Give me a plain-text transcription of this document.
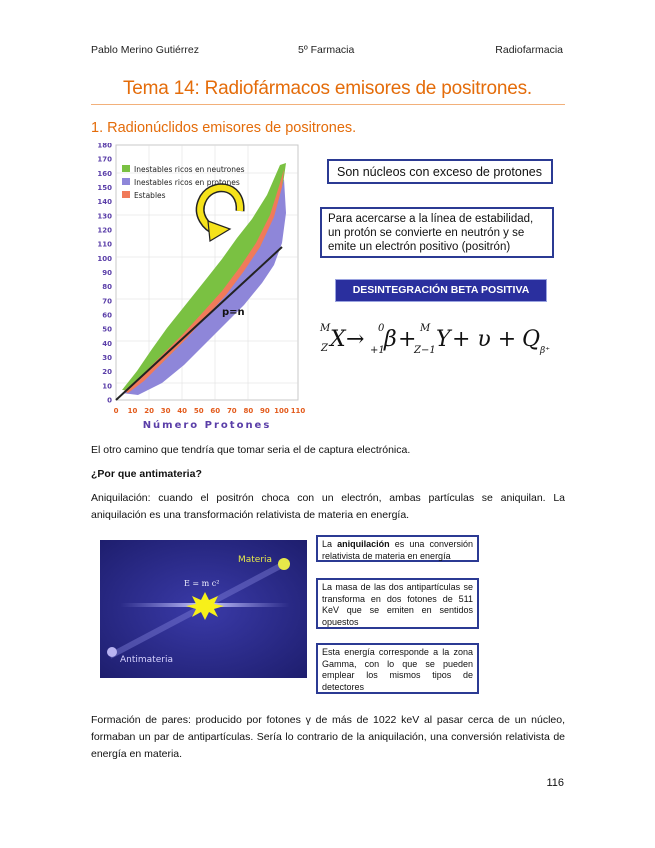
Pablo Merino Gutiérrez	5º Farmacia	Radiofarmacia
Tema 14: Radiofármacos emisores de positrones.
1. Radionúclidos emisores de positrones.
p=n
Inestables ricos en neutrones
Inestables ricos en protones
Estables
0
10
20
30
40
50
60
70
80
90
100
110
120
130
140
150
160
170
180
0 10 20 30 40 50 60 70 80 90 100 110
Número Protones
Son núcleos con exceso de protones
Para acercarse a la línea de estabilidad,
un protón se convierte en neutrón y se
emite un electrón positivo (positrón)
DESINTEGRACIÓN BETA POSITIVA
M
Z X → 0
+1 β + M
Z−1 Y + υ + Q β⁺
El otro camino que tendría que tomar seria el de captura electrónica.
¿Por que antimateria?
Aniquilación: cuando el positrón choca con un electrón, ambas partículas se aniquilan. La aniquilación es una transformación relativista de materia en energía.
Materia
Antimateria
E = m c²
La aniquilación es una conversión relativista de materia en energía
La masa de las dos antipartículas se transforma en dos fotones de 511 KeV que se emiten en sentidos opuestos
Esta energía corresponde a la zona Gamma, con lo que se pueden emplear los mismos tipos de detectores
Formación de pares: producido por fotones γ de más de 1022 keV al pasar cerca de un núcleo, formaban un par de antipartículas. Sería lo contrario de la aniquilación, una conversión relativista de energía en materia.
116
